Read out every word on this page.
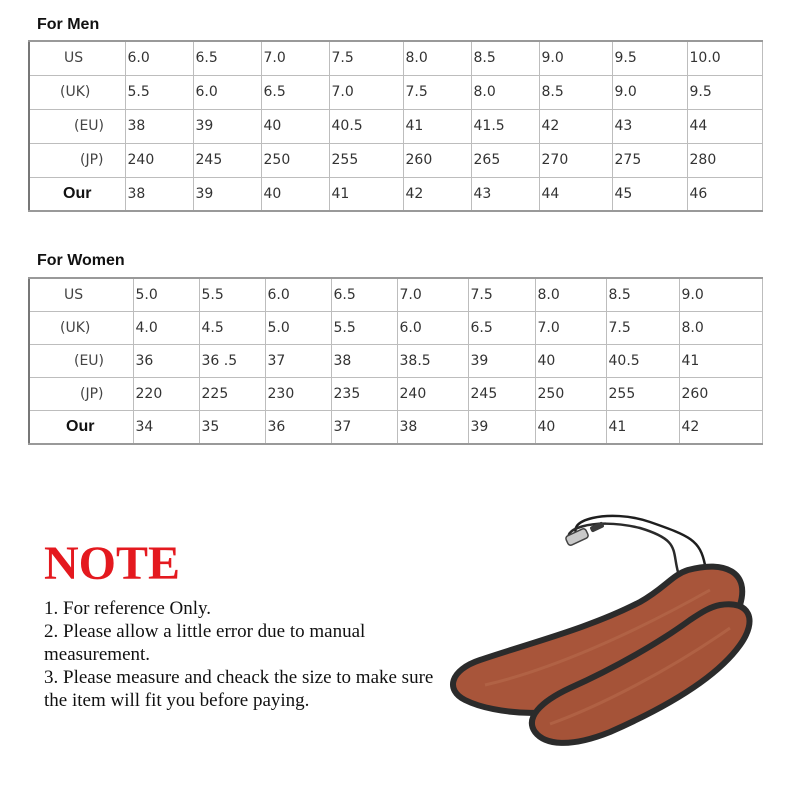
For Men
US	6.0	6.5	7.0	7.5	8.0	8.5	9.0	9.5	10.0
(UK)	5.5	6.0	6.5	7.0	7.5	8.0	8.5	9.0	9.5
(EU)	38	39	40	40.5	41	41.5	42	43	44
(JP)	240	245	250	255	260	265	270	275	280
Our	38	39	40	41	42	43	44	45	46
For Women
US	5.0	5.5	6.0	6.5	7.0	7.5	8.0	8.5	9.0
(UK)	4.0	4.5	5.0	5.5	6.0	6.5	7.0	7.5	8.0
(EU)	36	36 .5	37	38	38.5	39	40	40.5	41
(JP)	220	225	230	235	240	245	250	255	260
Our	34	35	36	37	38	39	40	41	42
NOTE
1. For reference Only.
2. Please allow a little error due to manual measurement.
3. Please measure and cheack the size to make sure the item will fit you before paying.
